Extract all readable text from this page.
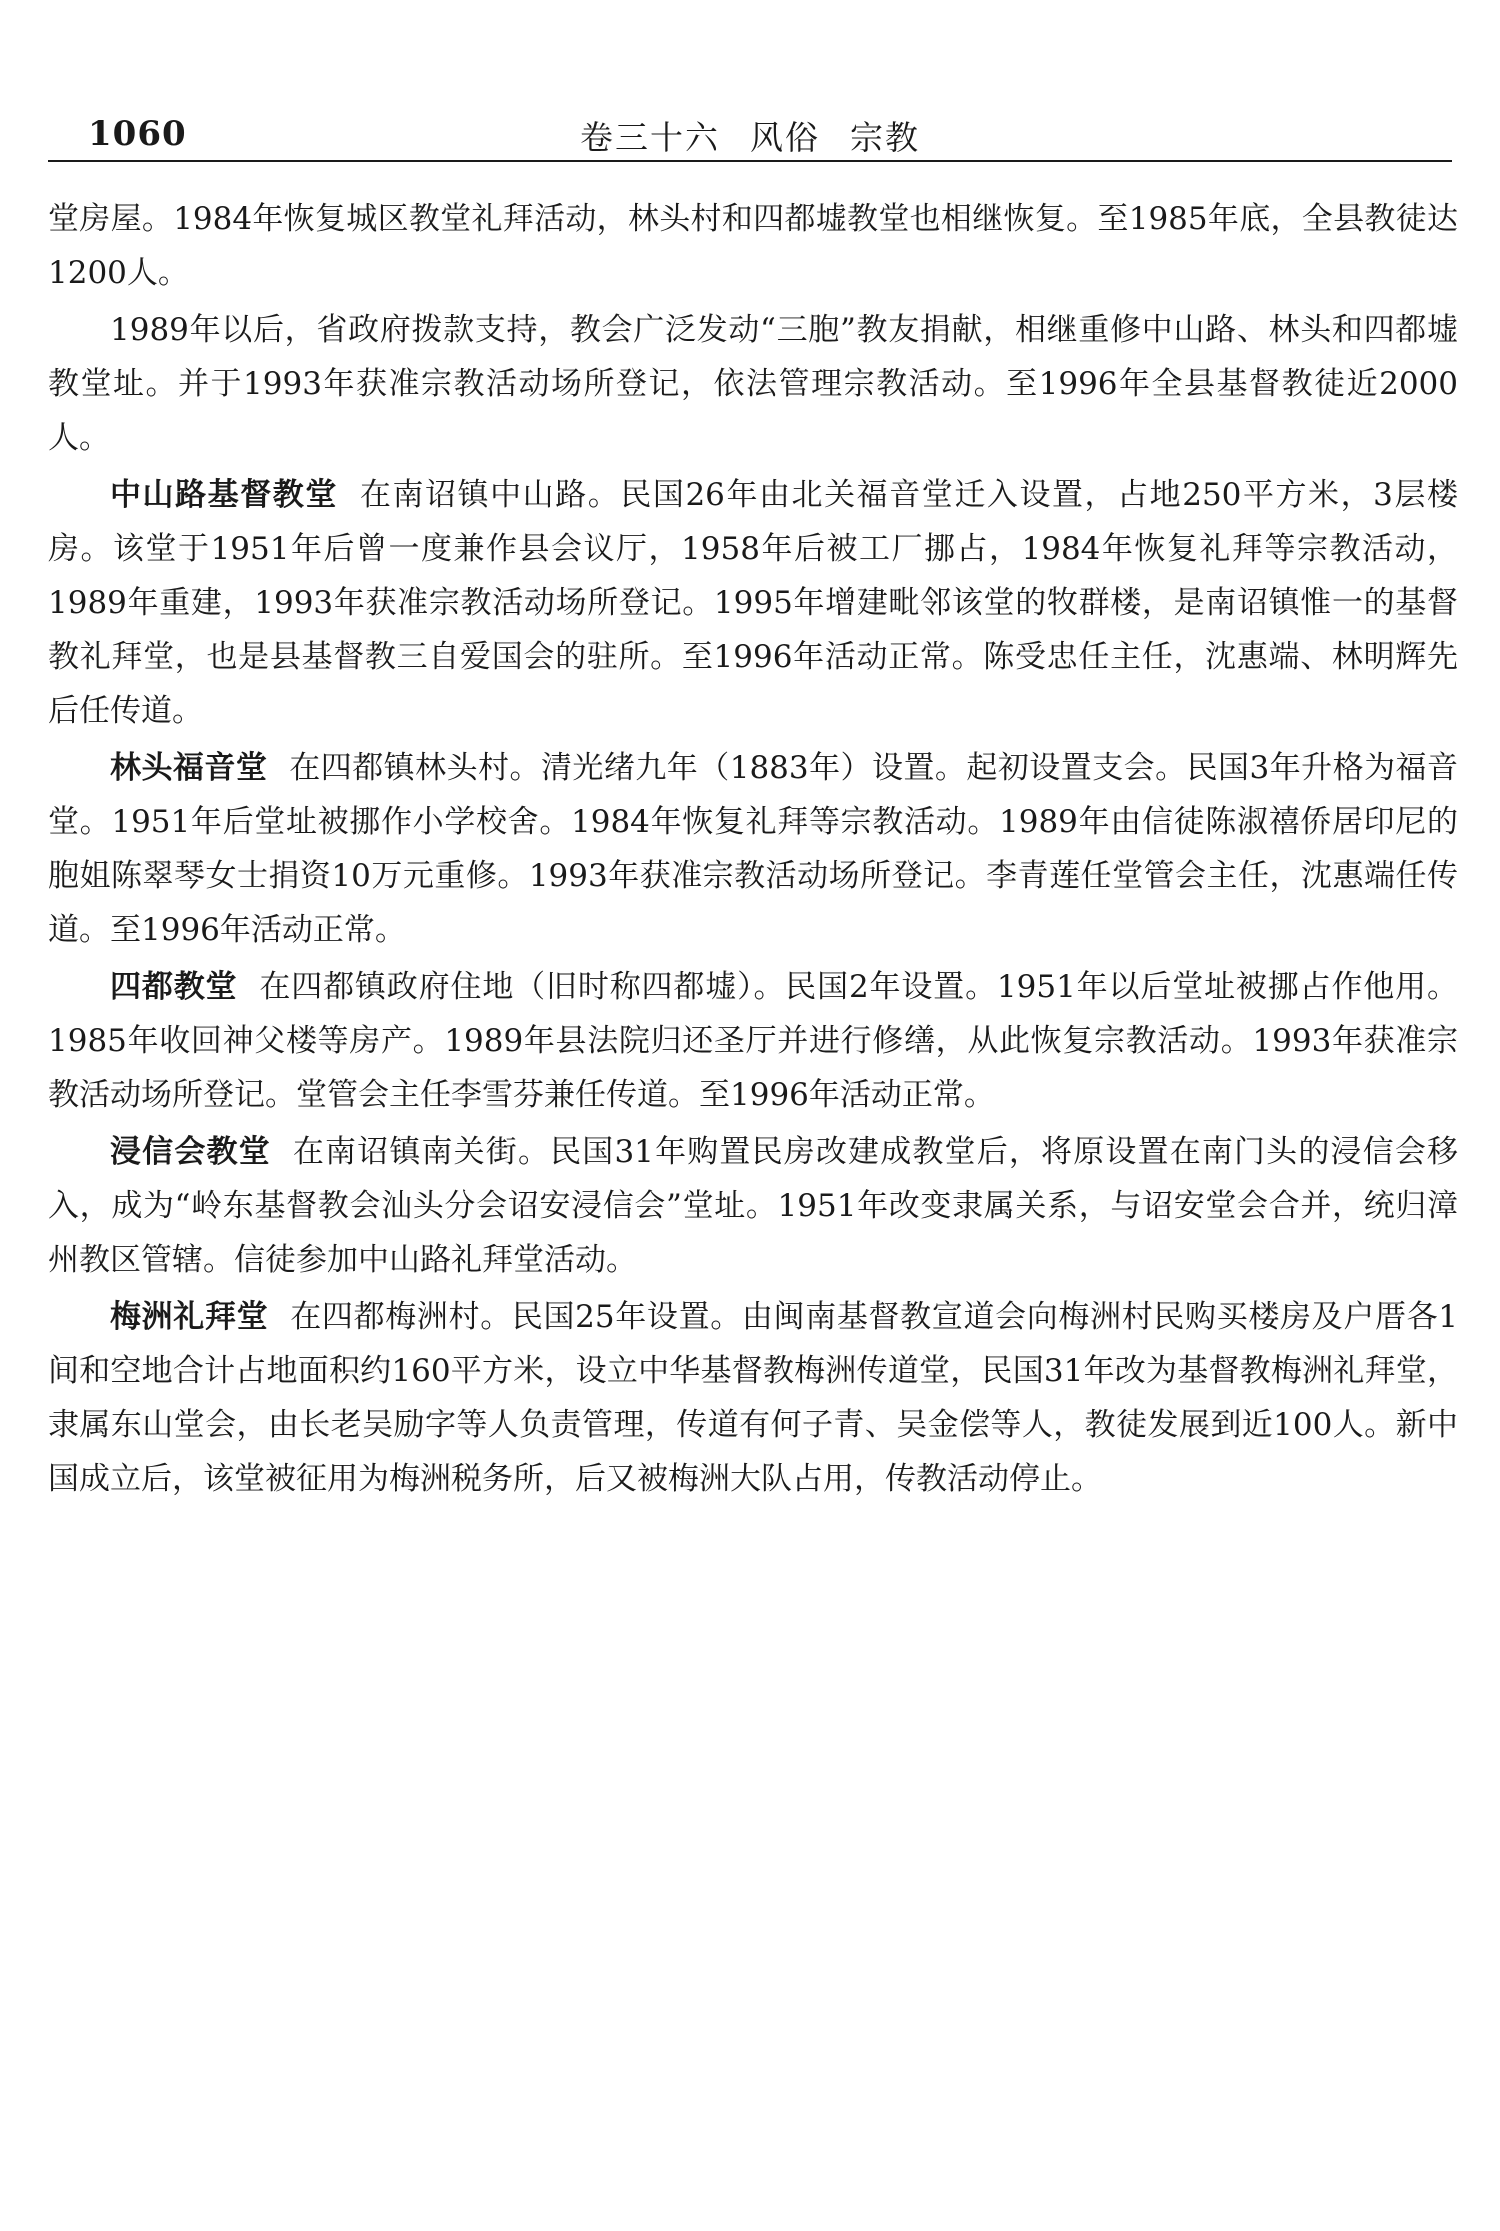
1060	卷三十六 风俗 宗教

堂房屋。1984年恢复城区教堂礼拜活动，林头村和四都墟教堂也相继恢复。至1985年底，全县教徒达1200人。

1989年以后，省政府拨款支持，教会广泛发动“三胞”教友捐献，相继重修中山路、林头和四都墟教堂址。并于1993年获准宗教活动场所登记，依法管理宗教活动。至1996年全县基督教徒近2000人。

中山路基督教堂 在南诏镇中山路。民国26年由北关福音堂迁入设置，占地250平方米，3层楼房。该堂于1951年后曾一度兼作县会议厅，1958年后被工厂挪占，1984年恢复礼拜等宗教活动，1989年重建，1993年获准宗教活动场所登记。1995年增建毗邻该堂的牧群楼，是南诏镇惟一的基督教礼拜堂，也是县基督教三自爱国会的驻所。至1996年活动正常。陈受忠任主任，沈惠端、林明辉先后任传道。

林头福音堂 在四都镇林头村。清光绪九年（1883年）设置。起初设置支会。民国3年升格为福音堂。1951年后堂址被挪作小学校舍。1984年恢复礼拜等宗教活动。1989年由信徒陈淑禧侨居印尼的胞姐陈翠琴女士捐资10万元重修。1993年获准宗教活动场所登记。李青莲任堂管会主任，沈惠端任传道。至1996年活动正常。

四都教堂 在四都镇政府住地（旧时称四都墟）。民国2年设置。1951年以后堂址被挪占作他用。1985年收回神父楼等房产。1989年县法院归还圣厅并进行修缮，从此恢复宗教活动。1993年获准宗教活动场所登记。堂管会主任李雪芬兼任传道。至1996年活动正常。

浸信会教堂 在南诏镇南关街。民国31年购置民房改建成教堂后，将原设置在南门头的浸信会移入，成为“岭东基督教会汕头分会诏安浸信会”堂址。1951年改变隶属关系，与诏安堂会合并，统归漳州教区管辖。信徒参加中山路礼拜堂活动。

梅洲礼拜堂 在四都梅洲村。民国25年设置。由闽南基督教宣道会向梅洲村民购买楼房及户厝各1间和空地合计占地面积约160平方米，设立中华基督教梅洲传道堂，民国31年改为基督教梅洲礼拜堂，隶属东山堂会，由长老吴励字等人负责管理，传道有何子青、吴金偿等人，教徒发展到近100人。新中国成立后，该堂被征用为梅洲税务所，后又被梅洲大队占用，传教活动停止。
